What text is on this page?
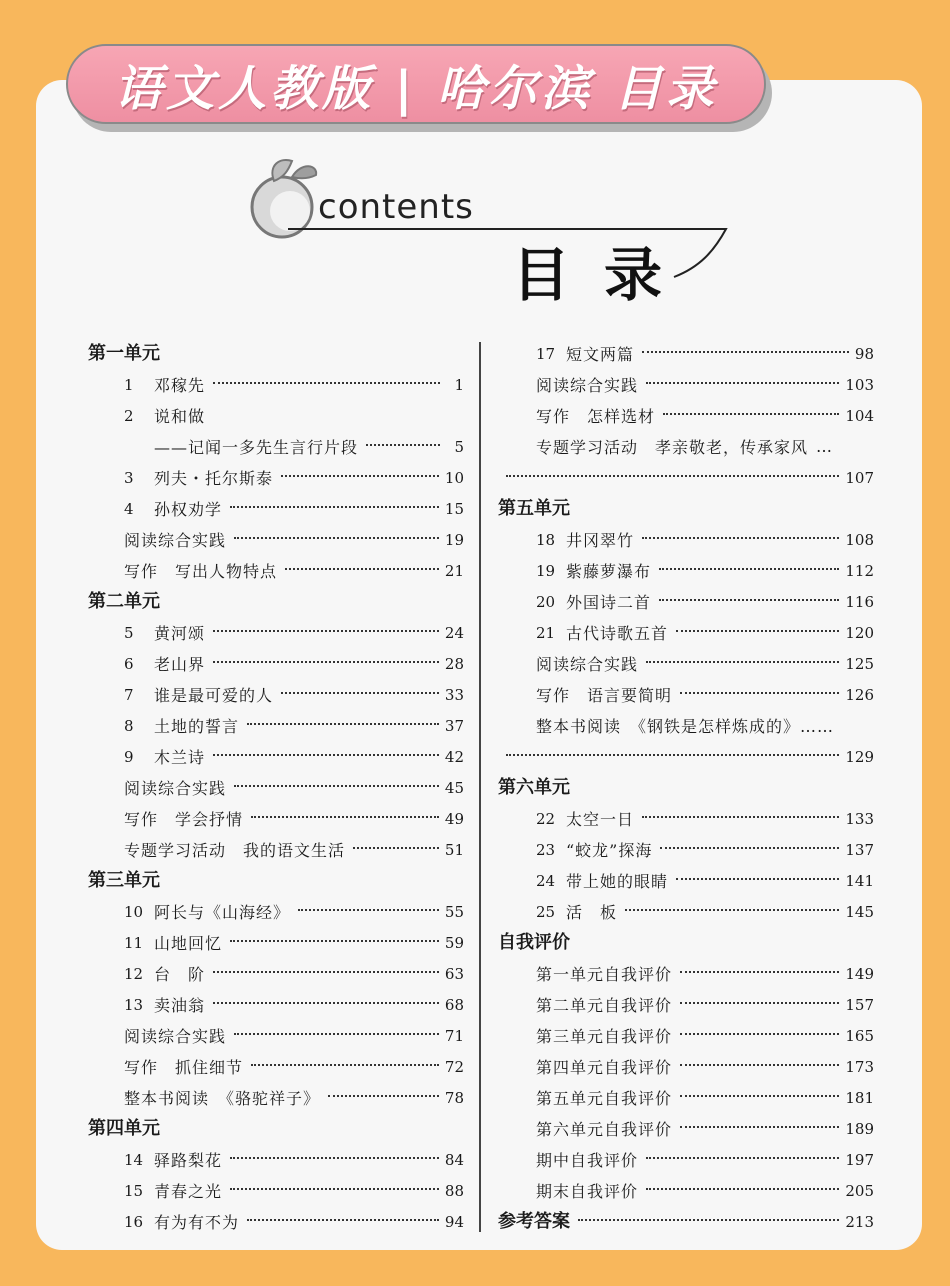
语文人教版 | 哈尔滨 目录
contents
目录
第一单元
1	邓稼先	1
2	说和做
——记闻一多先生言行片段	5
3	列夫・托尔斯泰	10
4	孙权劝学	15
阅读综合实践	19
写作　写出人物特点	21
第二单元
5	黄河颂	24
6	老山界	28
7	谁是最可爱的人	33
8	土地的誓言	37
9	木兰诗	42
阅读综合实践	45
写作　学会抒情	49
专题学习活动　我的语文生活	51
第三单元
10 阿长与《山海经》	55
11 山地回忆	59
12 台　阶	63
13 卖油翁	68
阅读综合实践	71
写作　抓住细节	72
整本书阅读　《骆驼祥子》	78
第四单元
14 驿路梨花	84
15 青春之光	88
16 有为有不为	94
17 短文两篇	98
阅读综合实践	103
写作　怎样选材	104
专题学习活动　孝亲敬老，传承家风 …
107
第五单元
18 井冈翠竹	108
19 紫藤萝瀑布	112
20 外国诗二首	116
21 古代诗歌五首	120
阅读综合实践	125
写作　语言要简明	126
整本书阅读　《钢铁是怎样炼成的》……
129
第六单元
22 太空一日	133
23 “蛟龙”探海	137
24 带上她的眼睛	141
25 活　板	145
自我评价
第一单元自我评价	149
第二单元自我评价	157
第三单元自我评价	165
第四单元自我评价	173
第五单元自我评价	181
第六单元自我评价	189
期中自我评价	197
期末自我评价	205
参考答案	213
